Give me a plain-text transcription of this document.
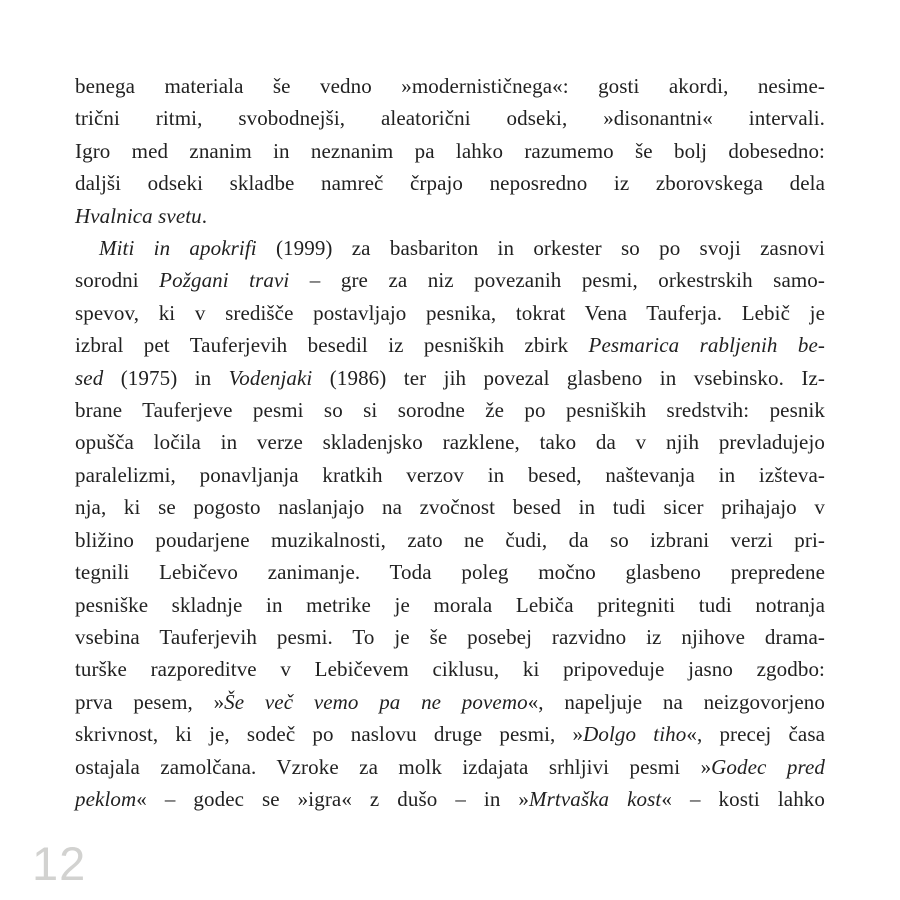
benega materiala še vedno »modernističnega«: gosti akordi, nesime-
trični ritmi, svobodnejši, aleatorični odseki, »disonantni« intervali.
Igro med znanim in neznanim pa lahko razumemo še bolj dobesedno:
daljši odseki skladbe namreč črpajo neposredno iz zborovskega dela
Hvalnica svetu.
Miti in apokrifi (1999) za basbariton in orkester so po svoji zasnovi
sorodni Požgani travi – gre za niz povezanih pesmi, orkestrskih samo-
spevov, ki v središče postavljajo pesnika, tokrat Vena Tauferja. Lebič je
izbral pet Tauferjevih besedil iz pesniških zbirk Pesmarica rabljenih be-
sed (1975) in Vodenjaki (1986) ter jih povezal glasbeno in vsebinsko. Iz-
brane Tauferjeve pesmi so si sorodne že po pesniških sredstvih: pesnik
opušča ločila in verze skladenjsko razklene, tako da v njih prevladujejo
paralelizmi, ponavljanja kratkih verzov in besed, naštevanja in izšteva-
nja, ki se pogosto naslanjajo na zvočnost besed in tudi sicer prihajajo v
bližino poudarjene muzikalnosti, zato ne čudi, da so izbrani verzi pri-
tegnili Lebičevo zanimanje. Toda poleg močno glasbeno prepredene
pesniške skladnje in metrike je morala Lebiča pritegniti tudi notranja
vsebina Tauferjevih pesmi. To je še posebej razvidno iz njihove drama-
turške razporeditve v Lebičevem ciklusu, ki pripoveduje jasno zgodbo:
prva pesem, »Še več vemo pa ne povemo«, napeljuje na neizgovorjeno
skrivnost, ki je, sodeč po naslovu druge pesmi, »Dolgo tiho«, precej časa
ostajala zamolčana. Vzroke za molk izdajata srhljivi pesmi »Godec pred
peklom« – godec se »igra« z dušo – in »Mrtvaška kost« – kosti lahko
12
